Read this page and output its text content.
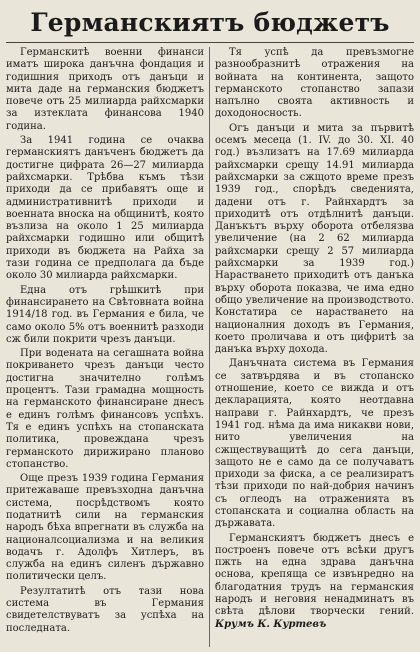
Германскиятъ бюджетъ

Германскитѣ военни финанси иматъ широка данъчна фондация и годишния приходъ отъ данъци и мита даде на германския бюджетъ повече отъ 25 милиарда райхсмарки за изтеклата финансова 1940 година.

За 1941 година се очаква германскиятъ данъченъ бюджетъ да достигне цифрата 26—27 милиарда райхсмарки. Трѣбва къмъ тѣзи приходи да се прибавятъ още и административнитѣ приходи и военната вноска на общинитѣ, която възлиза на около 1 25 милиарда райхсмарки годишно или общитѣ приходи въ бюджета на Райха за тази година се предполага да бъдe около 30 милиарда райхсмарки.

Една отъ грѣшкитѣ при финансирането на Свѣтовната война 1914/18 год. въ Германия е била, че само около 5% отъ военнитѣ разходи сж били покрити чрезъ данъци.

При водената на сегашната война покриването чрезъ данъци често достигна значително голѣмъ процентъ. Тази грамадна мощность на германското финансиране днесъ е единъ голѣмъ финансовъ успѣхъ. Тя е единъ успѣхъ на стопанската политика, провеждана чрезъ германското дирижирано планово стопанство.

Още презъ 1939 година Германия притежаваше превъзходна данъчна система, посрѣдствомъ която податнитѣ сили на германския народъ бѣха впрегнати въ служба на националсоциализма и на великия водачъ г. Адолфъ Хитлеръ, въ служба на единъ силенъ държавно политически целъ.

Резултатитѣ отъ тази нова система въ Германия свидетелствуватъ за успѣха на последната.

Тя успѣ да превъзмогне разнообразнитѣ отражения на войната на континента, защото германското стопанство запази напълно своята активность и доходоносность.

Огъ данъци и мита за първитѣ осемъ месеца (1. IV. до 30. XI. 40 год.) възлизатъ на 17.69 милиарда райхсмарки срещу 14.91 милиарда райхсмарки за сжщото време презъ 1939 год., спорѣдъ сведенията, дадени отъ г. Райнхардтъ за приходитѣ отъ отдѣлнитѣ данъци. Данъкътъ върху оборота отбелязва увеличение (на 2 62 милиарда райхсмарки срещу 2 57 милиарда райхсмарки за 1939 год.) Нарастването приходитѣ отъ данъка върху оборота показва, че има едно общо увеличение на производството. Констатира се нарастването на националния доходъ въ Германия, което проличава и отъ цифритѣ за данъка върху дохода.

Данъчната система въ Германия се затвърдява и въ стопанско отношение, което се вижда и отъ декларацията, която неотдавна направи г. Райнхардтъ, че презъ 1941 год. нѣма да има никакви нови, нито увеличения на сжществуващитѣ до сега данъци, защото не е само да се получаватъ приходи за фиска, а се реализиратъ тѣзи приходи по най-добрия начинъ съ оглеодъ на отраженията въ стопанската и социална область на държавата.

Германскиятъ бюджетъ днесъ е построенъ повече отъ всѣки другъ пжть на една здрава данъчна основа, крепяща се извънредно на благодатния трудъ на германския народъ и неговия ненадминатъ въ свѣта дѣлови творчески гений. Крумъ К. Куртевъ
